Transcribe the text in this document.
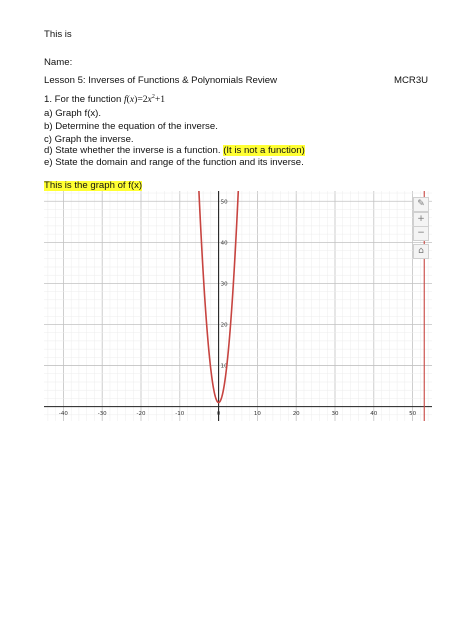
This is
Name:
Lesson 5: Inverses of Functions & Polynomials Review	MCR3U
1. For the function $f(x)=2x^2+1$
a) Graph f(x).
b) Determine the equation of the inverse.
c) Graph the inverse.
d) State whether the inverse is a function. (It is not a function)
e) State the domain and range of the function and its inverse.
This is the graph of f(x)
-40	-30	-20	-10	0	10	20	30	40	50
10
20
30
40
50	✎
+
−
⌂
